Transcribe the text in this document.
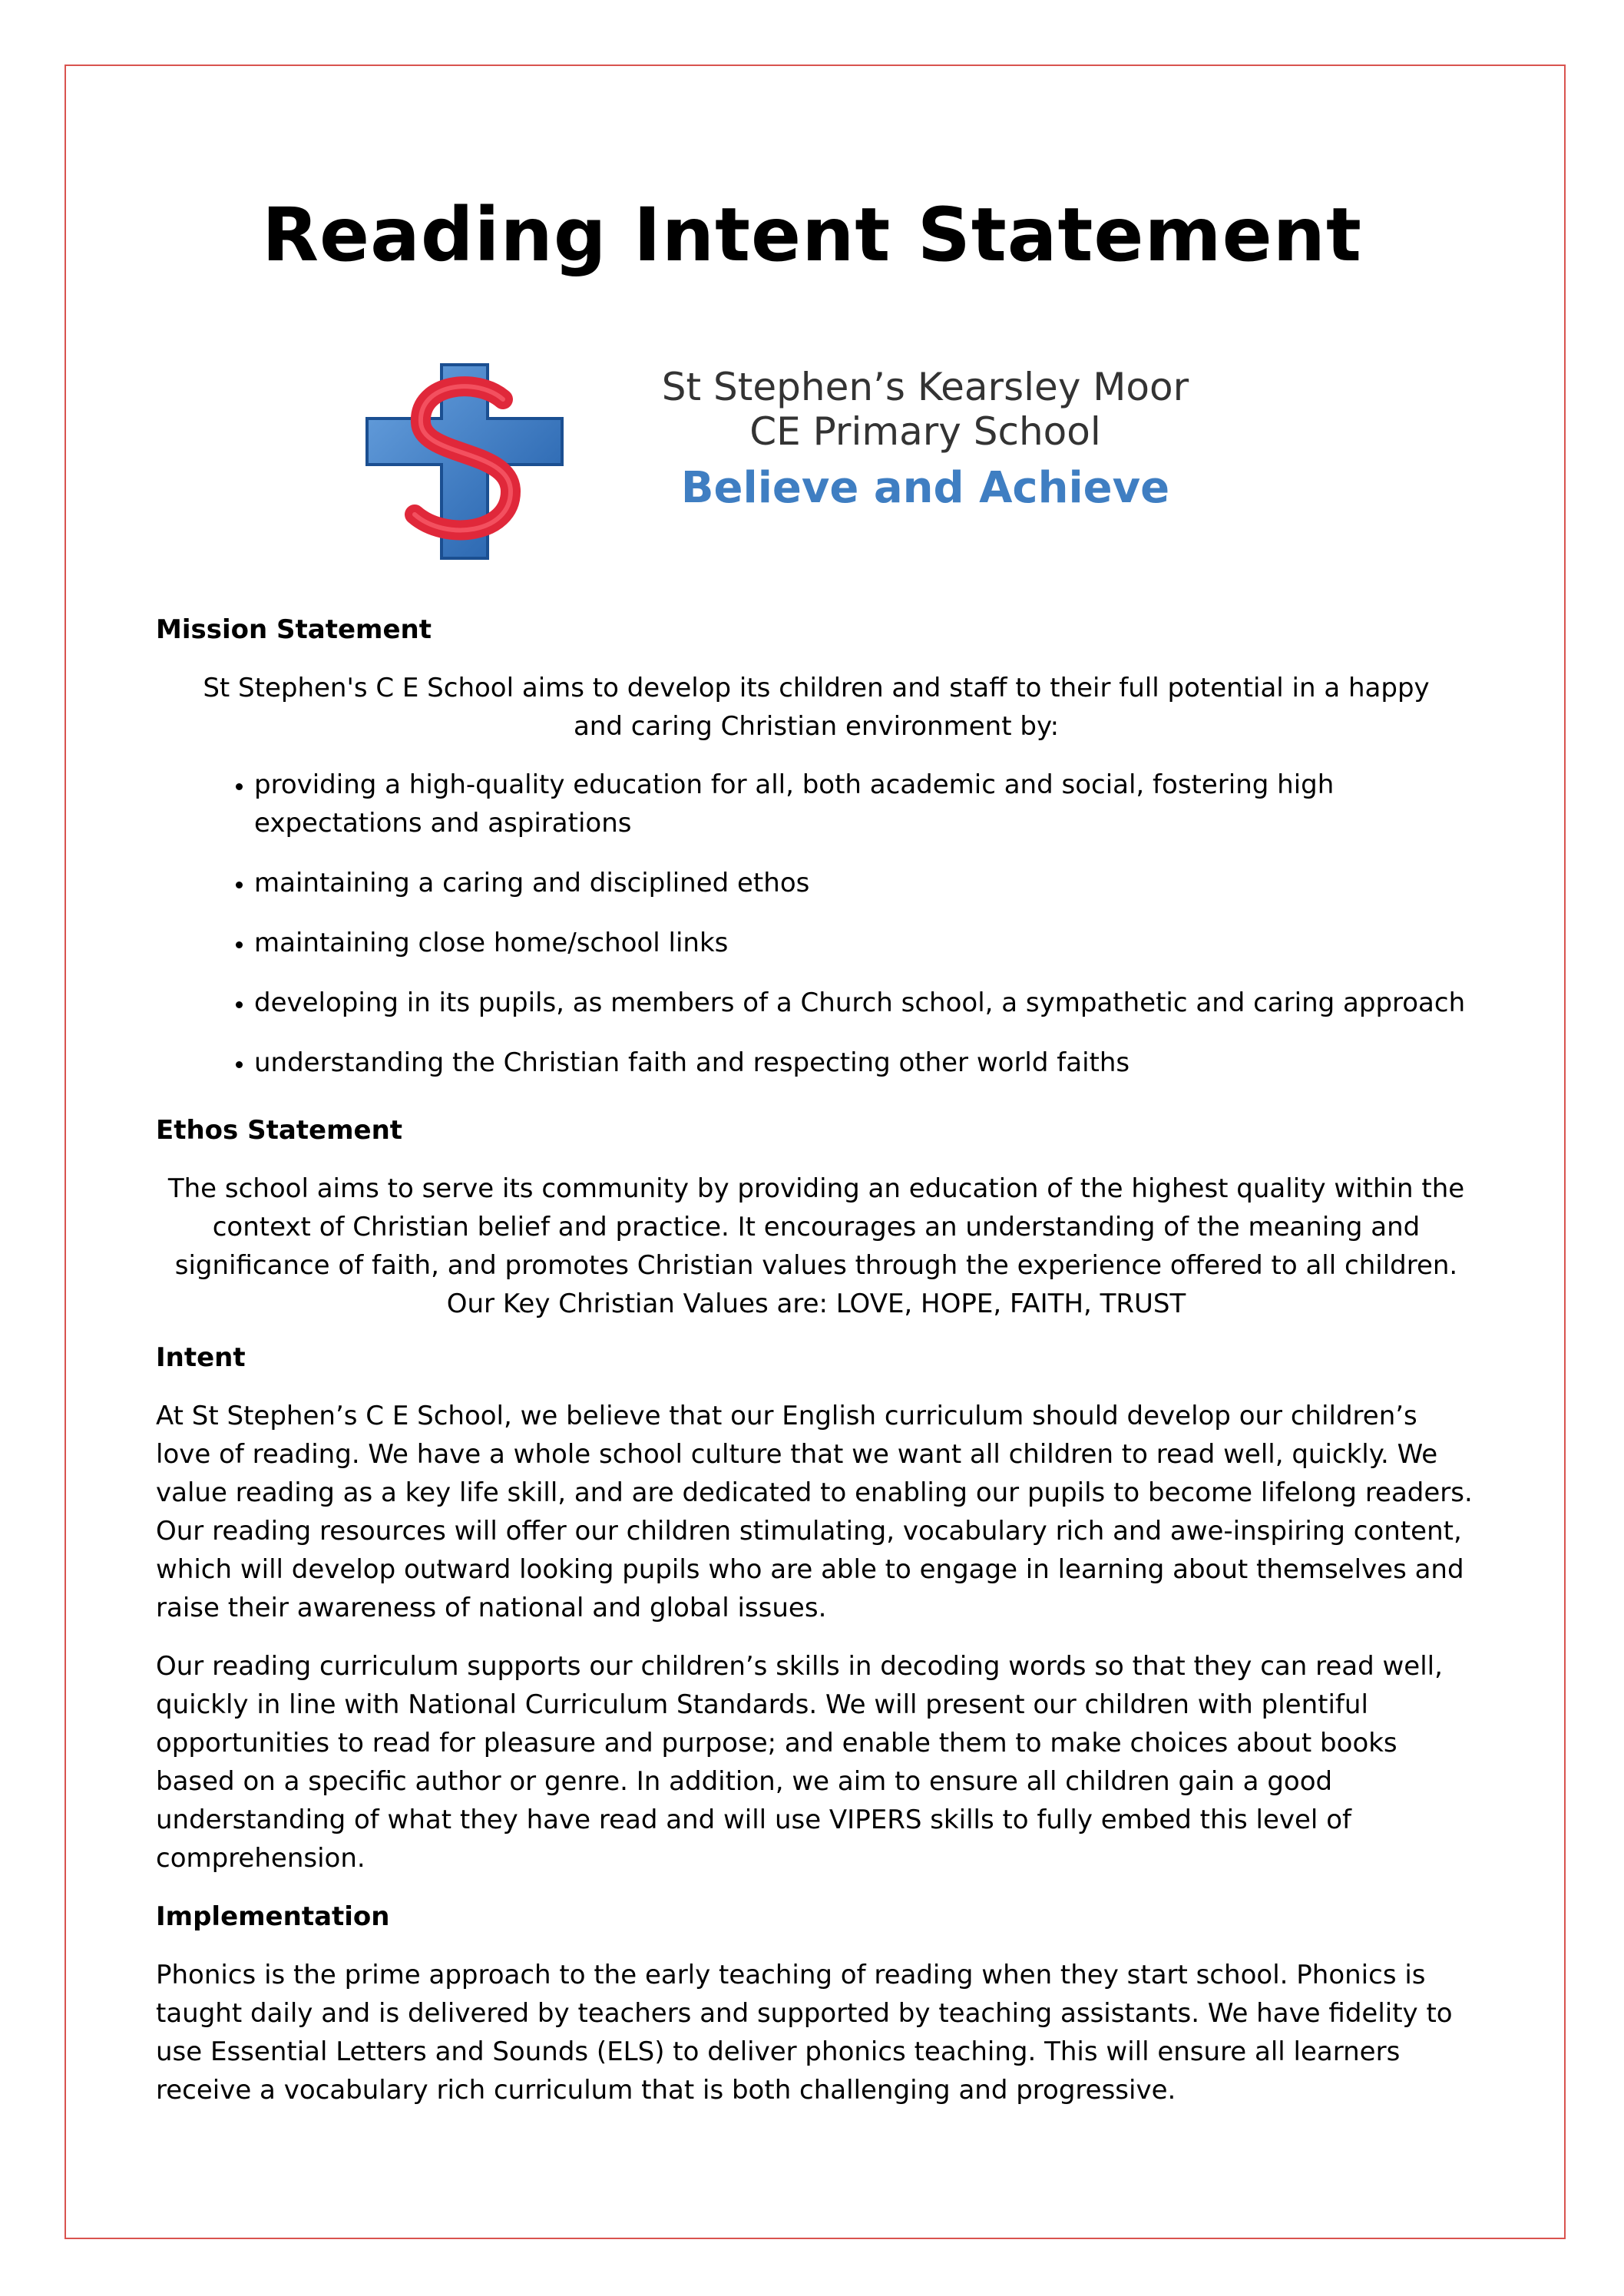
Reading Intent Statement
St Stephen’s Kearsley Moor
CE Primary School
Believe and Achieve
Mission Statement
St Stephen's C E School aims to develop its children and staff to their full potential in a happy and caring Christian environment by:
• providing a high-quality education for all, both academic and social, fostering high expectations and aspirations
• maintaining a caring and disciplined ethos
• maintaining close home/school links
• developing in its pupils, as members of a Church school, a sympathetic and caring approach
• understanding the Christian faith and respecting other world faiths
Ethos Statement
The school aims to serve its community by providing an education of the highest quality within the context of Christian belief and practice. It encourages an understanding of the meaning and significance of faith, and promotes Christian values through the experience offered to all children.
Our Key Christian Values are: LOVE, HOPE, FAITH, TRUST
Intent
At St Stephen’s C E School, we believe that our English curriculum should develop our children’s love of reading. We have a whole school culture that we want all children to read well, quickly. We value reading as a key life skill, and are dedicated to enabling our pupils to become lifelong readers. Our reading resources will offer our children stimulating, vocabulary rich and awe-inspiring content, which will develop outward looking pupils who are able to engage in learning about themselves and raise their awareness of national and global issues.
Our reading curriculum supports our children’s skills in decoding words so that they can read well, quickly in line with National Curriculum Standards. We will present our children with plentiful opportunities to read for pleasure and purpose; and enable them to make choices about books based on a specific author or genre. In addition, we aim to ensure all children gain a good understanding of what they have read and will use VIPERS skills to fully embed this level of comprehension.
Implementation
Phonics is the prime approach to the early teaching of reading when they start school. Phonics is taught daily and is delivered by teachers and supported by teaching assistants. We have fidelity to use Essential Letters and Sounds (ELS) to deliver phonics teaching. This will ensure all learners receive a vocabulary rich curriculum that is both challenging and progressive.
